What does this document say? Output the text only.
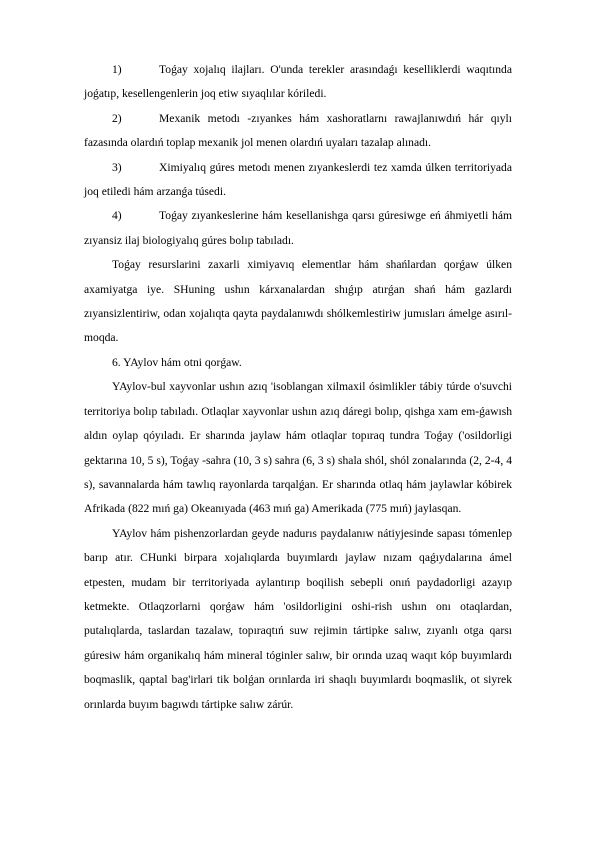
1)	Toǵay xojalıq ilajları. O'unda terekler arasındaǵı keselliklerdi waqıtında joǵatıp, kesellengenlerin joq etiw sıyaqlılar kóriledi.

2)	Mexanik metodı -zıyankes hám xashoratlarnı rawajlanıwdıń hár qıylı fazasında olardıń toplap mexanik jol menen olardıń uyaları tazalap alınadı.

3)	Ximiyalıq gúres metodı menen zıyankeslerdi tez xamda úlken territoriyada joq etiledi hám arzanǵa túsedi.

4)	Toǵay zıyankeslerine hám kesellanishga qarsı gúresiwge eń áhmiyetli hám zıyansiz ilaj biologiyalıq gúres bolıp tabıladı.

Toǵay resurslarini zaxarli ximiyavıq elementlar hám shańlardan qorǵaw úlken axamiyatga iye. SHuning ushın kárxanalardan shıǵıp atırǵan shań hám gazlardı zıyansizlentiriw, odan xojalıqta qayta paydalanıwdı shólkemlestiriw jumısları ámelge asırıl-moqda.

6. YAylov hám otni qorǵaw.

YAylov-bul xayvonlar ushın azıq 'isoblangan xilmaxil ósimlikler tábiy túrde o'suvchi territoriya bolıp tabıladı. Otlaqlar xayvonlar ushın azıq dáregi bolıp, qishga xam em-ǵawısh aldın oylap qóyıladı. Er sharında jaylaw hám otlaqlar topıraq tundra Toǵay ('osildorligi gektarına 10, 5 s), Toǵay -sahra (10, 3 s) sahra (6, 3 s) shala shól, shól zonalarında (2, 2-4, 4 s), savannalarda hám tawlıq rayonlarda tarqalǵan. Er sharında otlaq hám jaylawlar kóbirek Afrikada (822 mıń ga) Okeanıyada (463 mıń ga) Amerikada (775 mıń) jaylasqan.

YAylov hám pishenzorlardan geyde nadurıs paydalanıw nátiyjesinde sapası tómenlep barıp atır. CHunki birpara xojalıqlarda buyımlardı jaylaw nızam qaǵıydalarına ámel etpesten, mudam bir territoriyada aylantırıp boqilish sebepli onıń paydadorligi azayıp ketmekte. Otlaqzorlarni qorǵaw hám 'osildorligini oshi-rish ushın onı otaqlardan, putalıqlarda, taslardan tazalaw, topıraqtıń suw rejimin tártipke salıw, zıyanlı otga qarsı gúresiw hám organikalıq hám mineral tóginler salıw, bir orında uzaq waqıt kóp buyımlardı boqmaslik, qaptal bag'irlari tik bolǵan orınlarda iri shaqlı buyımlardı boqmaslik, ot siyrek orınlarda buyım bagıwdı tártipke salıw zárúr.
